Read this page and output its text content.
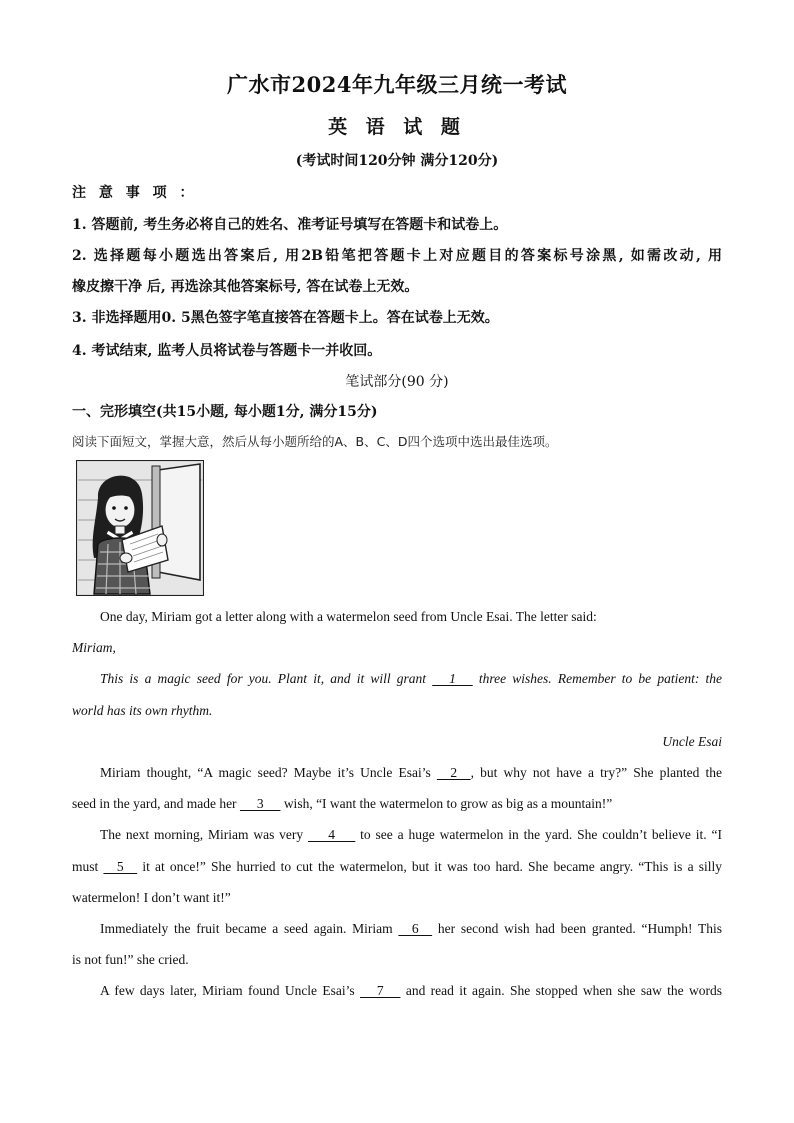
广水市2024年九年级三月统一考试
英 语 试 题
(考试时间120分钟 满分120分)
注 意 事 项 ：
1. 答题前, 考生务必将自己的姓名、准考证号填写在答题卡和试卷上。
2. 选择题每小题选出答案后, 用2B铅笔把答题卡上对应题目的答案标号涂黑, 如需改动, 用
橡皮擦干净 后, 再选涂其他答案标号, 答在试卷上无效。
3. 非选择题用0. 5黑色签字笔直接答在答题卡上。答在试卷上无效。
4. 考试结束, 监考人员将试卷与答题卡一并收回。
笔试部分(90 分)
一、完形填空(共15小题, 每小题1分, 满分15分)
阅读下面短文，掌握大意，然后从每小题所给的A、B、C、D四个选项中选出最佳选项。
One day, Miriam got a letter along with a watermelon seed from Uncle Esai. The letter said:
Miriam,
This is a magic seed for you. Plant it, and it will grant      1      three wishes. Remember to be patient: the
world has its own rhythm.
Uncle Esai
Miriam thought, “A magic seed? Maybe it’s Uncle Esai’s     2    , but why not have a try?” She planted the
seed in the yard, and made her      3      wish, “I want the watermelon to grow as big as a mountain!”
The next morning, Miriam was very       4       to see a huge watermelon in the yard. She couldn’t believe it. “I
must     5     it at once!” She hurried to cut the watermelon, but it was too hard. She became angry. “This is a silly
watermelon! I don’t want it!”
Immediately the fruit became a seed again. Miriam     6     her second wish had been granted. “Humph! This
is not fun!” she cried.
A few days later, Miriam found Uncle Esai’s      7      and read it again. She stopped when she saw the words
